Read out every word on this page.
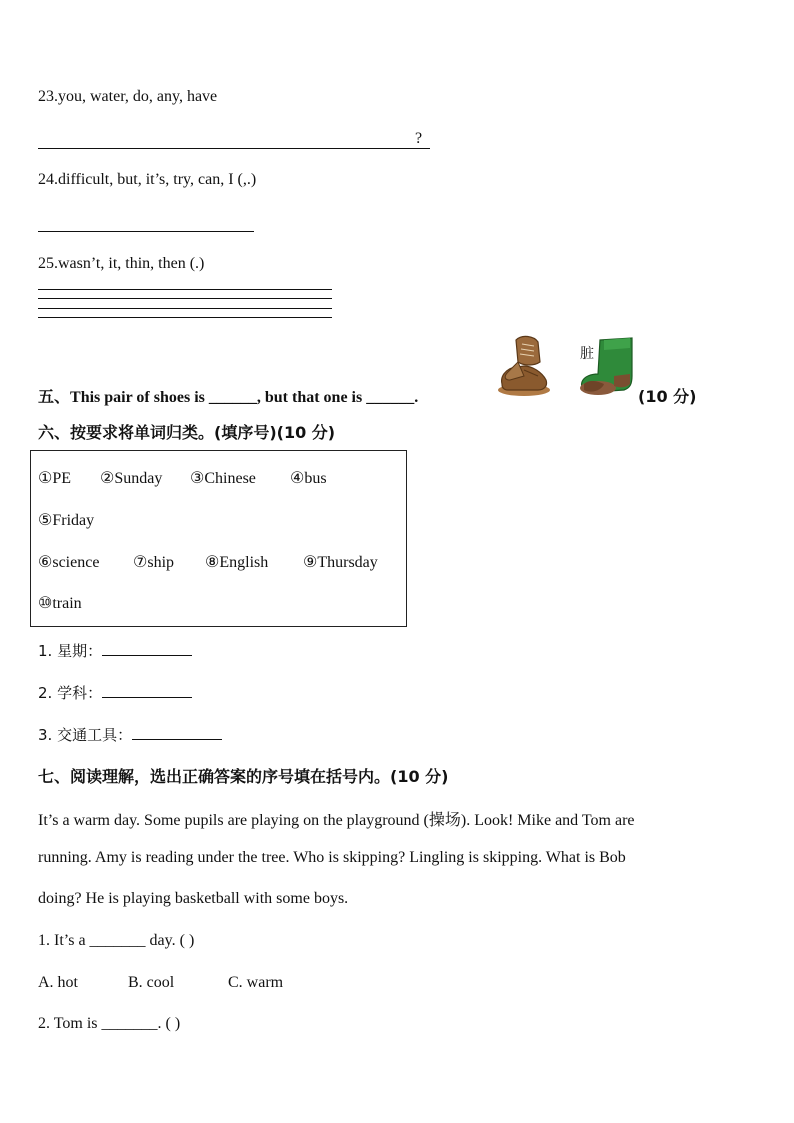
23.you, water, do, any, have
?
24.difficult, but, it’s, try, can, I (,.)
25.wasn’t, it, thin, then (.)
五、This pair of shoes is ______, but that one is ______.
脏
(10 分)
六、按要求将单词归类。(填序号)(10 分)
①PE ②Sunday ③Chinese ④bus
⑤Friday
⑥science ⑦ship ⑧English ⑨Thursday
⑩train
1. 星期：
2. 学科：
3. 交通工具：
七、阅读理解，选出正确答案的序号填在括号内。(10 分)
It’s a warm day. Some pupils are playing on the playground (操场). Look! Mike and Tom are
running. Amy is reading under the tree. Who is skipping? Lingling is skipping. What is Bob
doing? He is playing basketball with some boys.
1. It’s a _______ day. ( )
A. hot	B. cool	C. warm
2. Tom is _______. ( )
